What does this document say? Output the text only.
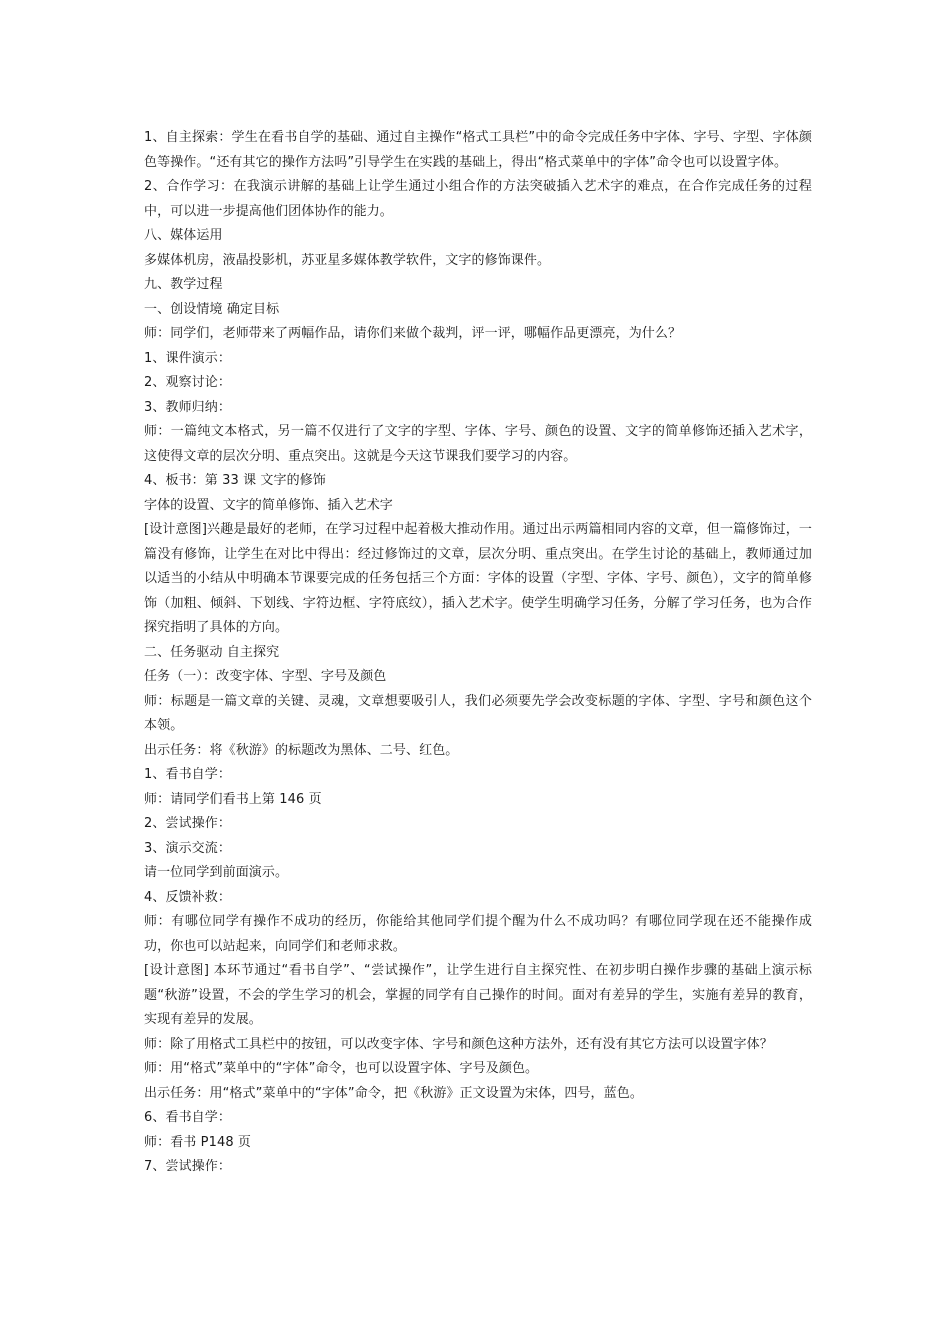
1、自主探索：学生在看书自学的基础、通过自主操作“格式工具栏”中的命令完成任务中字体、字号、字型、字体颜色等操作。“还有其它的操作方法吗”引导学生在实践的基础上，得出“格式菜单中的字体”命令也可以设置字体。

2、合作学习：在我演示讲解的基础上让学生通过小组合作的方法突破插入艺术字的难点，在合作完成任务的过程中，可以进一步提高他们团体协作的能力。

八、媒体运用

多媒体机房，液晶投影机，苏亚星多媒体教学软件，文字的修饰课件。

九、教学过程

一、创设情境 确定目标

师：同学们，老师带来了两幅作品，请你们来做个裁判，评一评，哪幅作品更漂亮，为什么？

1、课件演示：

2、观察讨论：

3、教师归纳：

师：一篇纯文本格式，另一篇不仅进行了文字的字型、字体、字号、颜色的设置、文字的简单修饰还插入艺术字，这使得文章的层次分明、重点突出。这就是今天这节课我们要学习的内容。

4、板书：第 33 课 文字的修饰

字体的设置、文字的简单修饰、插入艺术字

[设计意图]兴趣是最好的老师，在学习过程中起着极大推动作用。通过出示两篇相同内容的文章，但一篇修饰过，一篇没有修饰，让学生在对比中得出：经过修饰过的文章，层次分明、重点突出。在学生讨论的基础上，教师通过加以适当的小结从中明确本节课要完成的任务包括三个方面：字体的设置（字型、字体、字号、颜色），文字的简单修饰（加粗、倾斜、下划线、字符边框、字符底纹），插入艺术字。使学生明确学习任务，分解了学习任务，也为合作探究指明了具体的方向。

二、任务驱动 自主探究

任务（一）：改变字体、字型、字号及颜色

师：标题是一篇文章的关键、灵魂，文章想要吸引人，我们必须要先学会改变标题的字体、字型、字号和颜色这个本领。

出示任务：将《秋游》的标题改为黑体、二号、红色。

1、看书自学：

师：请同学们看书上第 146 页

2、尝试操作：

3、演示交流：

请一位同学到前面演示。

4、反馈补救：

师：有哪位同学有操作不成功的经历，你能给其他同学们提个醒为什么不成功吗？有哪位同学现在还不能操作成功，你也可以站起来，向同学们和老师求救。

[设计意图] 本环节通过“看书自学”、“尝试操作”，让学生进行自主探究性、在初步明白操作步骤的基础上演示标题“秋游”设置，不会的学生学习的机会，掌握的同学有自己操作的时间。面对有差异的学生，实施有差异的教育，实现有差异的发展。

师：除了用格式工具栏中的按钮，可以改变字体、字号和颜色这种方法外，还有没有其它方法可以设置字体？

师：用“格式”菜单中的“字体”命令，也可以设置字体、字号及颜色。

出示任务：用“格式”菜单中的“字体”命令，把《秋游》正文设置为宋体，四号，蓝色。

6、看书自学：

师：看书 P148 页

7、尝试操作：
